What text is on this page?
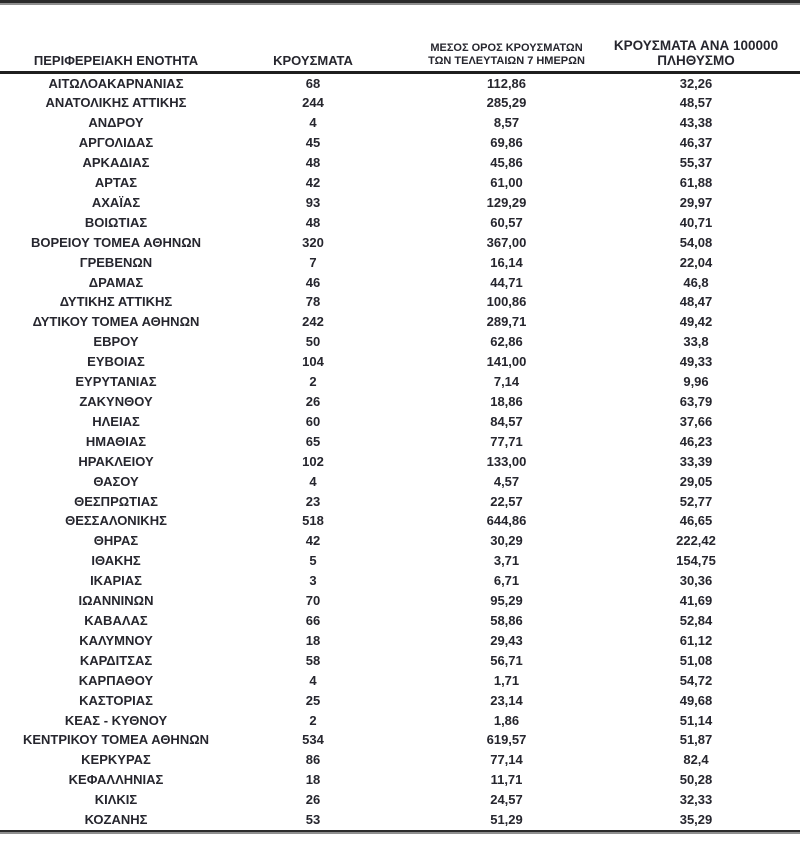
ΠΕΡΙΦΕΡΕΙΑΚΗ ΕΝΟΤΗΤΑ	ΚΡΟΥΣΜΑΤΑ	ΜΕΣΟΣ ΟΡΟΣ ΚΡΟΥΣΜΑΤΩΝ
ΤΩΝ ΤΕΛΕΥΤΑΙΩΝ 7 ΗΜΕΡΩΝ	ΚΡΟΥΣΜΑΤΑ ΑΝΑ 100000
ΠΛΗΘΥΣΜΟ

ΑΙΤΩΛΟΑΚΑΡΝΑΝΙΑΣ	68	112,86	32,26
ΑΝΑΤΟΛΙΚΗΣ ΑΤΤΙΚΗΣ	244	285,29	48,57
ΑΝΔΡΟΥ	4	8,57	43,38
ΑΡΓΟΛΙΔΑΣ	45	69,86	46,37
ΑΡΚΑΔΙΑΣ	48	45,86	55,37
ΑΡΤΑΣ	42	61,00	61,88
ΑΧΑΪΑΣ	93	129,29	29,97
ΒΟΙΩΤΙΑΣ	48	60,57	40,71
ΒΟΡΕΙΟΥ ΤΟΜΕΑ ΑΘΗΝΩΝ	320	367,00	54,08
ΓΡΕΒΕΝΩΝ	7	16,14	22,04
ΔΡΑΜΑΣ	46	44,71	46,8
ΔΥΤΙΚΗΣ ΑΤΤΙΚΗΣ	78	100,86	48,47
ΔΥΤΙΚΟΥ ΤΟΜΕΑ ΑΘΗΝΩΝ	242	289,71	49,42
ΕΒΡΟΥ	50	62,86	33,8
ΕΥΒΟΙΑΣ	104	141,00	49,33
ΕΥΡΥΤΑΝΙΑΣ	2	7,14	9,96
ΖΑΚΥΝΘΟΥ	26	18,86	63,79
ΗΛΕΙΑΣ	60	84,57	37,66
ΗΜΑΘΙΑΣ	65	77,71	46,23
ΗΡΑΚΛΕΙΟΥ	102	133,00	33,39
ΘΑΣΟΥ	4	4,57	29,05
ΘΕΣΠΡΩΤΙΑΣ	23	22,57	52,77
ΘΕΣΣΑΛΟΝΙΚΗΣ	518	644,86	46,65
ΘΗΡΑΣ	42	30,29	222,42
ΙΘΑΚΗΣ	5	3,71	154,75
ΙΚΑΡΙΑΣ	3	6,71	30,36
ΙΩΑΝΝΙΝΩΝ	70	95,29	41,69
ΚΑΒΑΛΑΣ	66	58,86	52,84
ΚΑΛΥΜΝΟΥ	18	29,43	61,12
ΚΑΡΔΙΤΣΑΣ	58	56,71	51,08
ΚΑΡΠΑΘΟΥ	4	1,71	54,72
ΚΑΣΤΟΡΙΑΣ	25	23,14	49,68
ΚΕΑΣ - ΚΥΘΝΟΥ	2	1,86	51,14
ΚΕΝΤΡΙΚΟΥ ΤΟΜΕΑ ΑΘΗΝΩΝ	534	619,57	51,87
ΚΕΡΚΥΡΑΣ	86	77,14	82,4
ΚΕΦΑΛΛΗΝΙΑΣ	18	11,71	50,28
ΚΙΛΚΙΣ	26	24,57	32,33
ΚΟΖΑΝΗΣ	53	51,29	35,29
